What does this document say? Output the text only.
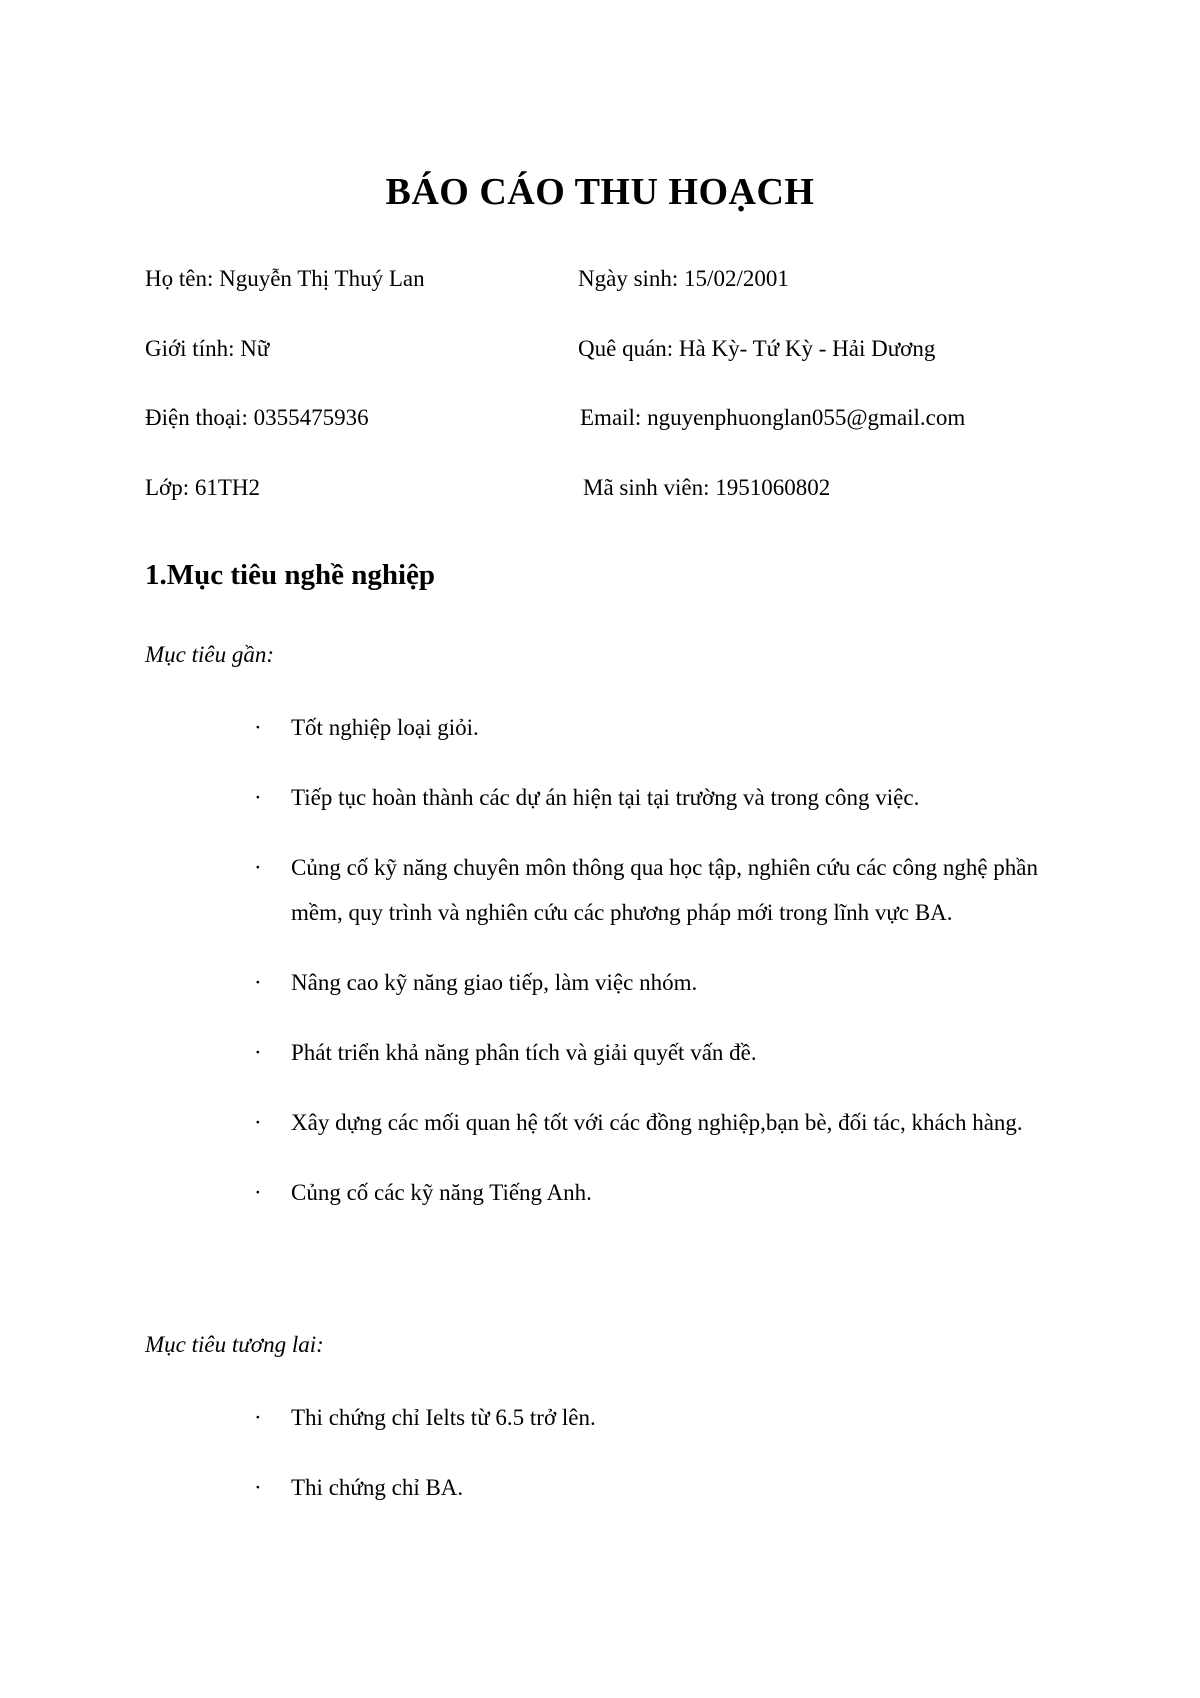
BÁO CÁO THU HOẠCH
Họ tên: Nguyễn Thị Thuý Lan	Ngày sinh: 15/02/2001
Giới tính: Nữ	Quê quán: Hà Kỳ- Tứ Kỳ - Hải Dương
Điện thoại: 0355475936	Email: nguyenphuonglan055@gmail.com
Lớp: 61TH2	Mã sinh viên: 1951060802
1.Mục tiêu nghề nghiệp
Mục tiêu gần:
· Tốt nghiệp loại giỏi.
· Tiếp tục hoàn thành các dự án hiện tại tại trường và trong công việc.
· Củng cố kỹ năng chuyên môn thông qua học tập, nghiên cứu các công nghệ phần mềm, quy trình và nghiên cứu các phương pháp mới trong lĩnh vực BA.
· Nâng cao kỹ năng giao tiếp, làm việc nhóm.
· Phát triển khả năng phân tích và giải quyết vấn đề.
· Xây dựng các mối quan hệ tốt với các đồng nghiệp,bạn bè, đối tác, khách hàng.
· Củng cố các kỹ năng Tiếng Anh.
Mục tiêu tương lai:
· Thi chứng chỉ Ielts từ 6.5 trở lên.
· Thi chứng chỉ BA.
